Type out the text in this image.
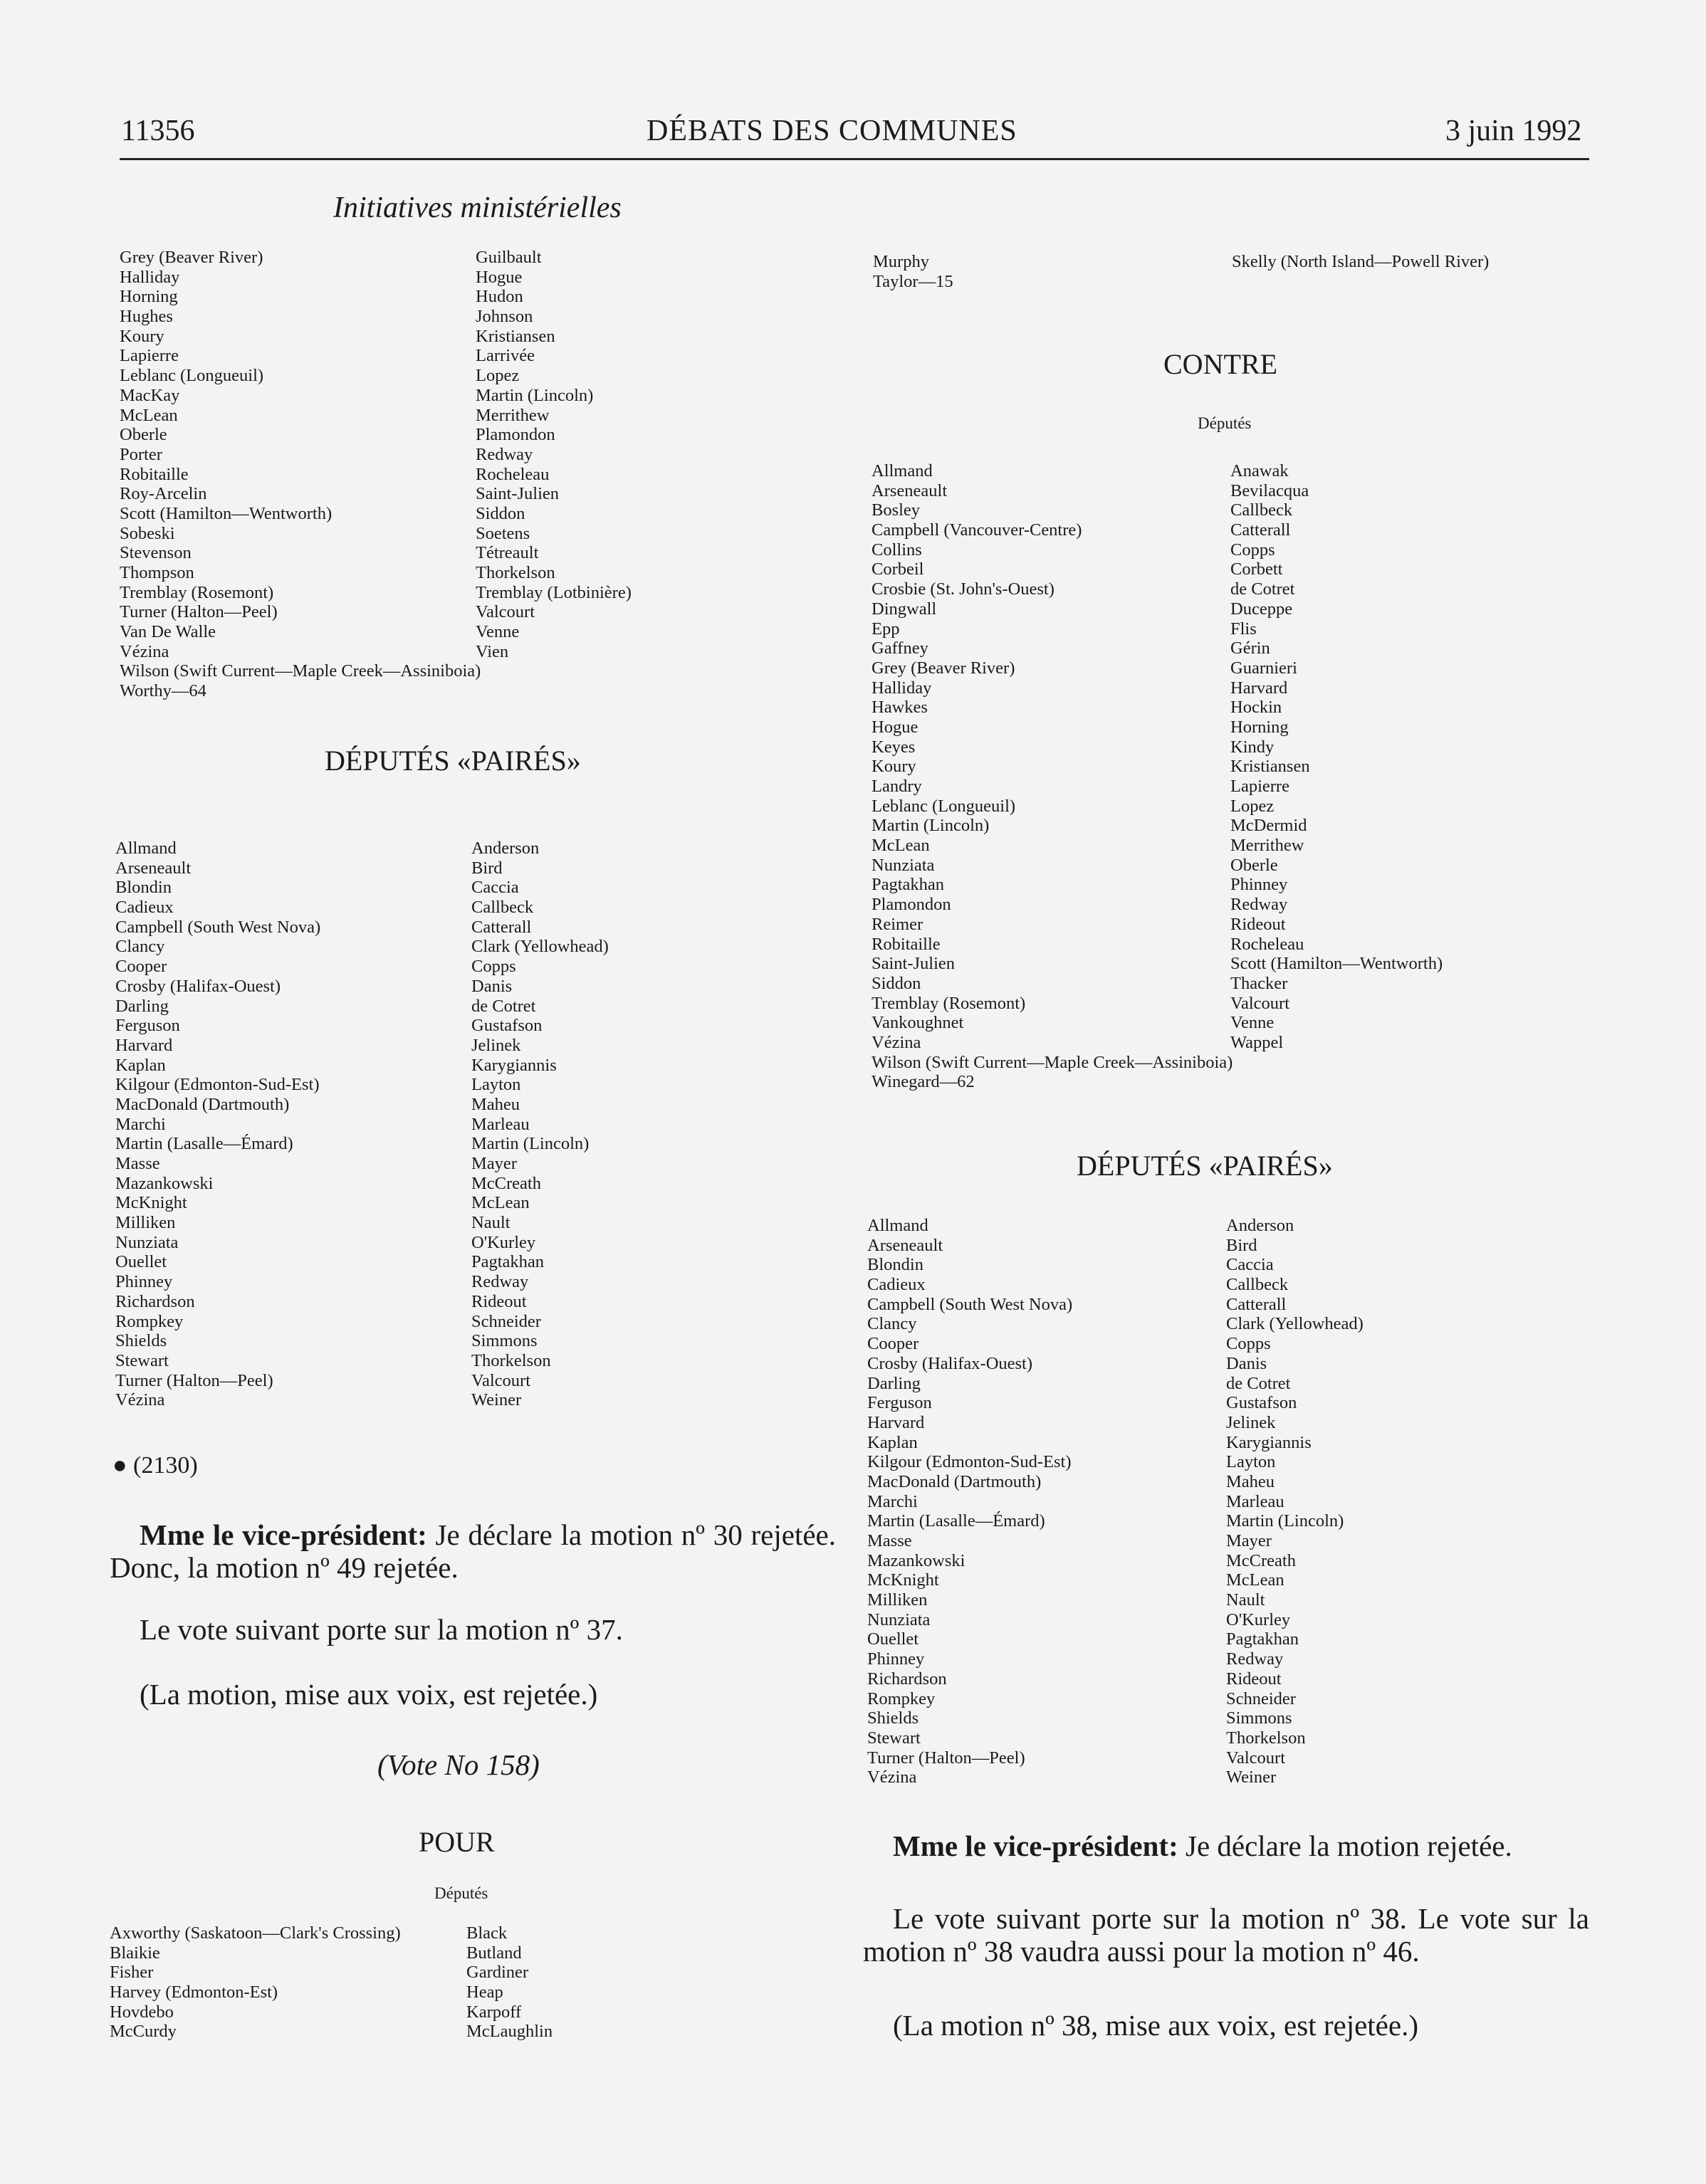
11356	DÉBATS DES COMMUNES	3 juin 1992
Initiatives ministérielles
Grey (Beaver River)
Halliday
Horning
Hughes
Koury
Lapierre
Leblanc (Longueuil)
MacKay
McLean
Oberle
Porter
Robitaille
Roy-Arcelin
Scott (Hamilton—Wentworth)
Sobeski
Stevenson
Thompson
Tremblay (Rosemont)
Turner (Halton—Peel)
Van De Walle
Vézina
Wilson (Swift Current—Maple Creek—Assiniboia)
Worthy—64
Guilbault
Hogue
Hudon
Johnson
Kristiansen
Larrivée
Lopez
Martin (Lincoln)
Merrithew
Plamondon
Redway
Rocheleau
Saint-Julien
Siddon
Soetens
Tétreault
Thorkelson
Tremblay (Lotbinière)
Valcourt
Venne
Vien
DÉPUTÉS «PAIRÉS»
Allmand
Arseneault
Blondin
Cadieux
Campbell (South West Nova)
Clancy
Cooper
Crosby (Halifax-Ouest)
Darling
Ferguson
Harvard
Kaplan
Kilgour (Edmonton-Sud-Est)
MacDonald (Dartmouth)
Marchi
Martin (Lasalle—Émard)
Masse
Mazankowski
McKnight
Milliken
Nunziata
Ouellet
Phinney
Richardson
Rompkey
Shields
Stewart
Turner (Halton—Peel)
Vézina
Anderson
Bird
Caccia
Callbeck
Catterall
Clark (Yellowhead)
Copps
Danis
de Cotret
Gustafson
Jelinek
Karygiannis
Layton
Maheu
Marleau
Martin (Lincoln)
Mayer
McCreath
McLean
Nault
O'Kurley
Pagtakhan
Redway
Rideout
Schneider
Simmons
Thorkelson
Valcourt
Weiner
● (2130)
Mme le vice-président: Je déclare la motion nº 30 rejetée. Donc, la motion nº 49 rejetée.
Le vote suivant porte sur la motion nº 37.
(La motion, mise aux voix, est rejetée.)
(Vote No 158)
POUR
Députés
Axworthy (Saskatoon—Clark's Crossing)
Blaikie
Fisher
Harvey (Edmonton-Est)
Hovdebo
McCurdy
Black
Butland
Gardiner
Heap
Karpoff
McLaughlin
Murphy
Taylor—15
Skelly (North Island—Powell River)
CONTRE
Députés
Allmand
Arseneault
Bosley
Campbell (Vancouver-Centre)
Collins
Corbeil
Crosbie (St. John's-Ouest)
Dingwall
Epp
Gaffney
Grey (Beaver River)
Halliday
Hawkes
Hogue
Keyes
Koury
Landry
Leblanc (Longueuil)
Martin (Lincoln)
McLean
Nunziata
Pagtakhan
Plamondon
Reimer
Robitaille
Saint-Julien
Siddon
Tremblay (Rosemont)
Vankoughnet
Vézina
Wilson (Swift Current—Maple Creek—Assiniboia)
Winegard—62
Anawak
Bevilacqua
Callbeck
Catterall
Copps
Corbett
de Cotret
Duceppe
Flis
Gérin
Guarnieri
Harvard
Hockin
Horning
Kindy
Kristiansen
Lapierre
Lopez
McDermid
Merrithew
Oberle
Phinney
Redway
Rideout
Rocheleau
Scott (Hamilton—Wentworth)
Thacker
Valcourt
Venne
Wappel
DÉPUTÉS «PAIRÉS»
Allmand
Arseneault
Blondin
Cadieux
Campbell (South West Nova)
Clancy
Cooper
Crosby (Halifax-Ouest)
Darling
Ferguson
Harvard
Kaplan
Kilgour (Edmonton-Sud-Est)
MacDonald (Dartmouth)
Marchi
Martin (Lasalle—Émard)
Masse
Mazankowski
McKnight
Milliken
Nunziata
Ouellet
Phinney
Richardson
Rompkey
Shields
Stewart
Turner (Halton—Peel)
Vézina
Anderson
Bird
Caccia
Callbeck
Catterall
Clark (Yellowhead)
Copps
Danis
de Cotret
Gustafson
Jelinek
Karygiannis
Layton
Maheu
Marleau
Martin (Lincoln)
Mayer
McCreath
McLean
Nault
O'Kurley
Pagtakhan
Redway
Rideout
Schneider
Simmons
Thorkelson
Valcourt
Weiner
Mme le vice-président: Je déclare la motion rejetée.
Le vote suivant porte sur la motion nº 38. Le vote sur la motion nº 38 vaudra aussi pour la motion nº 46.
(La motion nº 38, mise aux voix, est rejetée.)
